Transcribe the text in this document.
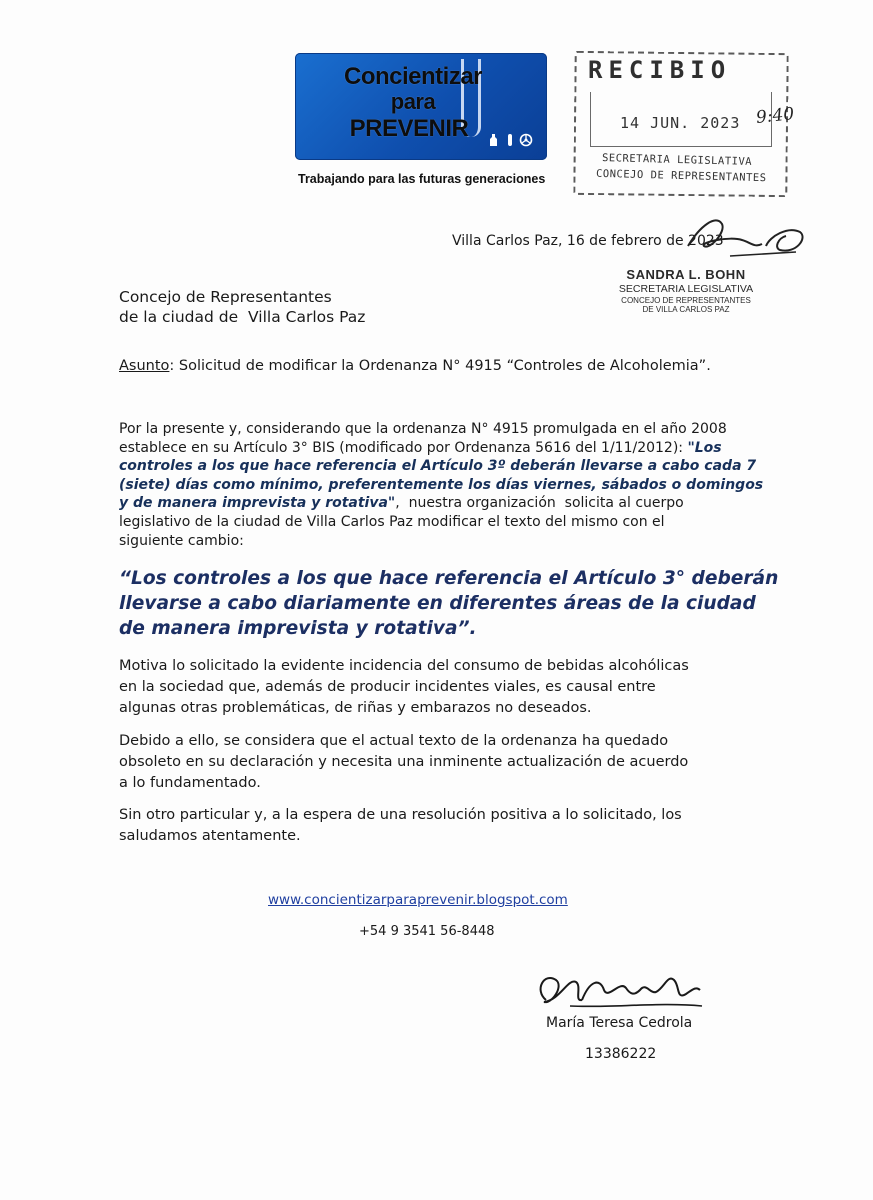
Concientizar
para
PREVENIR
Trabajando para las futuras generaciones
RECIBIO
14 JUN. 2023 9:40
SECRETARIA LEGISLATIVA
CONCEJO DE REPRESENTANTES
Villa Carlos Paz, 16 de febrero de 2023
SANDRA L. BOHN
SECRETARIA LEGISLATIVA
CONCEJO DE REPRESENTANTES
DE VILLA CARLOS PAZ
Concejo de Representantes
de la ciudad de  Villa Carlos Paz
Asunto: Solicitud de modificar la Ordenanza N° 4915 “Controles de Alcoholemia”.
Por la presente y, considerando que la ordenanza N° 4915 promulgada en el año 2008
establece en su Artículo 3° BIS (modificado por Ordenanza 5616 del 1/11/2012): "Los
controles a los que hace referencia el Artículo 3º deberán llevarse a cabo cada 7
(siete) días como mínimo, preferentemente los días viernes, sábados o domingos
y de manera imprevista y rotativa",  nuestra organización  solicita al cuerpo
legislativo de la ciudad de Villa Carlos Paz modificar el texto del mismo con el
siguiente cambio:
“Los controles a los que hace referencia el Artículo 3° deberán
llevarse a cabo diariamente en diferentes áreas de la ciudad
de manera imprevista y rotativa”.
Motiva lo solicitado la evidente incidencia del consumo de bebidas alcohólicas
en la sociedad que, además de producir incidentes viales, es causal entre
algunas otras problemáticas, de riñas y embarazos no deseados.
Debido a ello, se considera que el actual texto de la ordenanza ha quedado
obsoleto en su declaración y necesita una inminente actualización de acuerdo
a lo fundamentado.
Sin otro particular y, a la espera de una resolución positiva a lo solicitado, los
saludamos atentamente.
www.concientizarparaprevenir.blogspot.com
+54 9 3541 56-8448
María Teresa Cedrola
13386222
